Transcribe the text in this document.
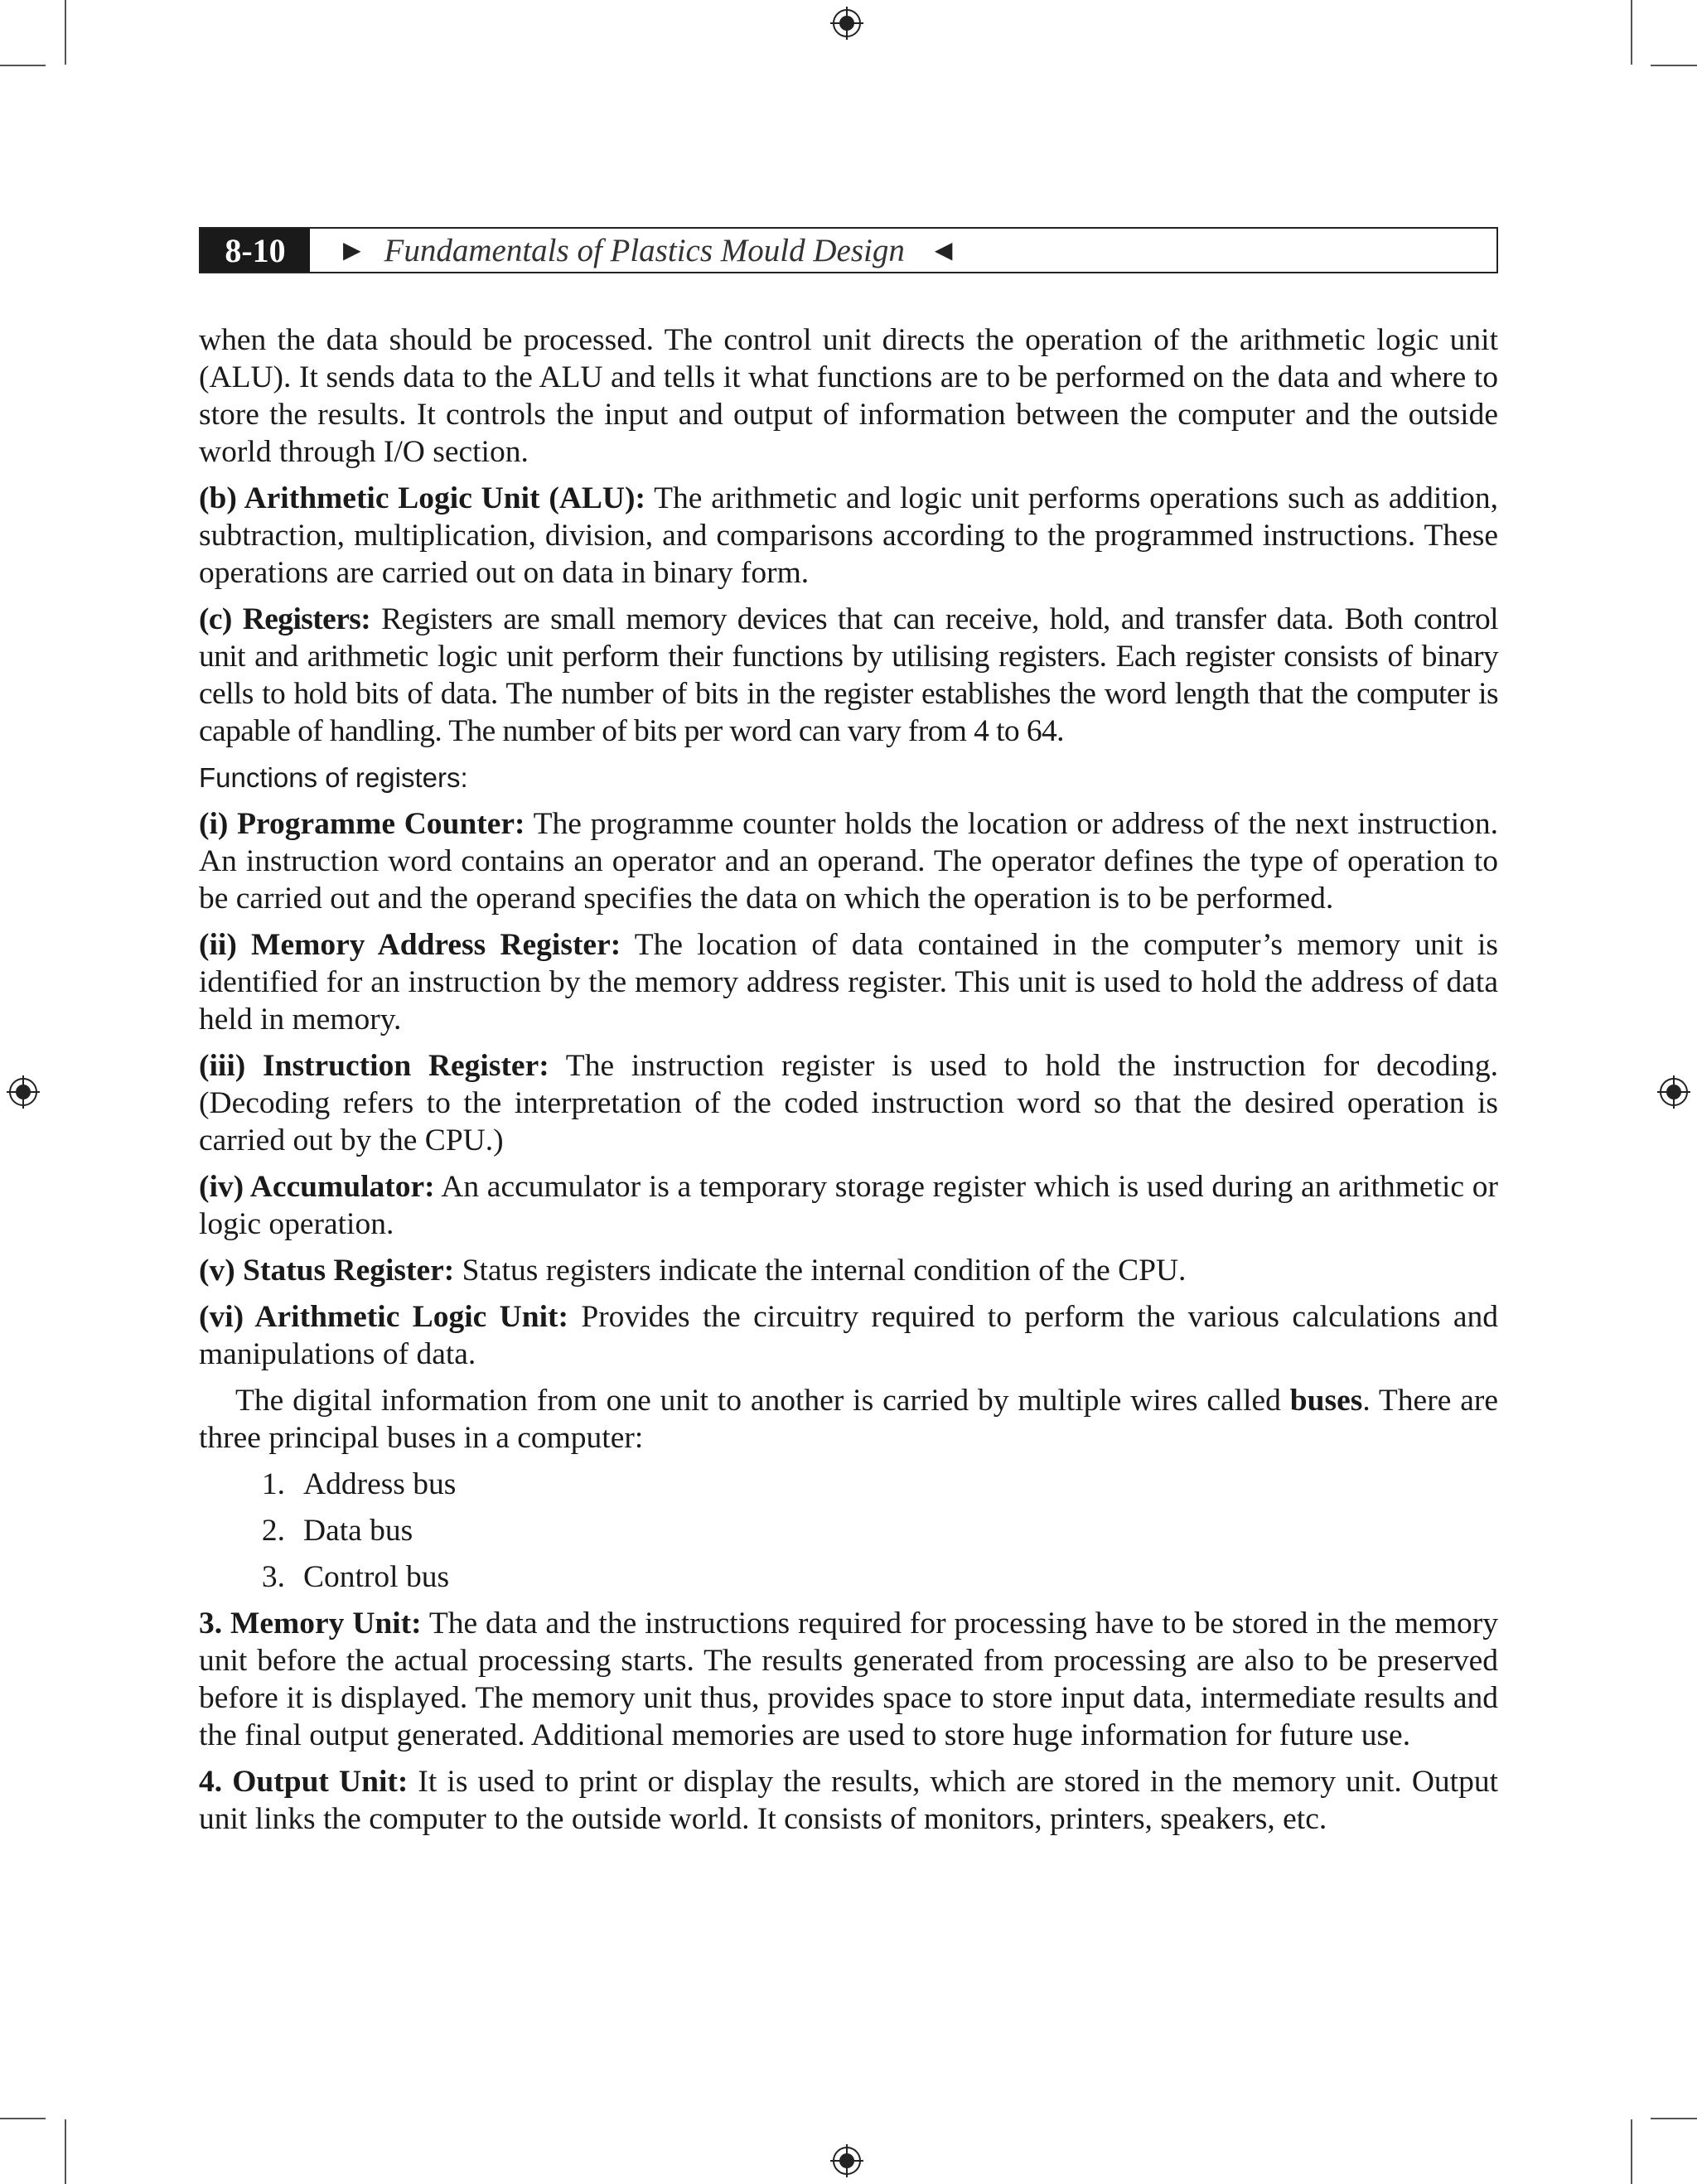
8-10	▶ Fundamentals of Plastics Mould Design ◀

when the data should be processed. The control unit directs the operation of the arithmetic logic unit (ALU). It sends data to the ALU and tells it what functions are to be performed on the data and where to store the results. It controls the input and output of information between the computer and the outside world through I/O section.

(b) Arithmetic Logic Unit (ALU): The arithmetic and logic unit performs operations such as addition, subtraction, multiplication, division, and comparisons according to the programmed instructions. These operations are carried out on data in binary form.

(c) Registers: Registers are small memory devices that can receive, hold, and transfer data. Both control unit and arithmetic logic unit perform their functions by utilising registers. Each register consists of binary cells to hold bits of data. The number of bits in the register establishes the word length that the computer is capable of handling. The number of bits per word can vary from 4 to 64.

Functions of registers:

(i) Programme Counter: The programme counter holds the location or address of the next instruction. An instruction word contains an operator and an operand. The operator defines the type of operation to be carried out and the operand specifies the data on which the operation is to be performed.

(ii) Memory Address Register: The location of data contained in the computer’s memory unit is identified for an instruction by the memory address register. This unit is used to hold the address of data held in memory.

(iii) Instruction Register: The instruction register is used to hold the instruction for decoding. (Decoding refers to the interpretation of the coded instruction word so that the desired operation is carried out by the CPU.)

(iv) Accumulator: An accumulator is a temporary storage register which is used during an arithmetic or logic operation.

(v) Status Register: Status registers indicate the internal condition of the CPU.

(vi) Arithmetic Logic Unit: Provides the circuitry required to perform the various calculations and manipulations of data.

The digital information from one unit to another is carried by multiple wires called buses. There are three principal buses in a computer:

1. Address bus
2. Data bus
3. Control bus

3. Memory Unit: The data and the instructions required for processing have to be stored in the memory unit before the actual processing starts. The results generated from processing are also to be preserved before it is displayed. The memory unit thus, provides space to store input data, intermediate results and the final output generated. Additional memories are used to store huge information for future use.

4. Output Unit: It is used to print or display the results, which are stored in the memory unit. Output unit links the computer to the outside world. It consists of monitors, printers, speakers, etc.
